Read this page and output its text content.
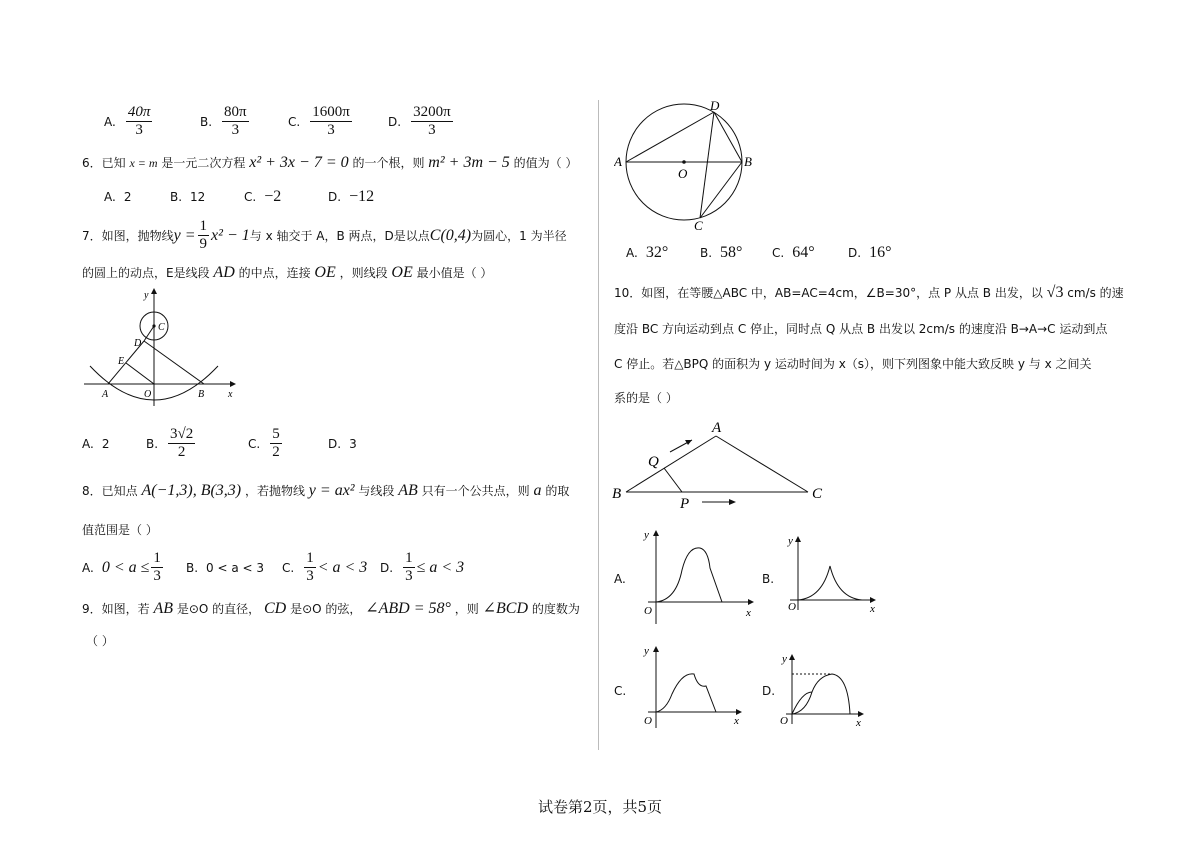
A. $\frac{40\pi}{3}$	B. $\frac{80\pi}{3}$	C. $\frac{1600\pi}{3}$	D. $\frac{3200\pi}{3}$
6．已知 x = m 是一元二次方程 x² + 3x − 7 = 0 的一个根，则 m² + 3m − 5 的值为（ ）
A. 2	B. 12	C. −2	D. −12
7．如图，抛物线 $y = \frac{1}{9} x^2 - 1$ 与 x 轴交于 A，B 两点，D是以点 C(0,4) 为圆心，1 为半径
的圆上的动点，E是线段 AD 的中点，连接 OE ，则线段 OE 最小值是（ ）
y
C
D
E
A	O	B x
A. 2	B. $\frac{3√2}{2}$	C. $\frac{5}{2}$	D. 3
8．已知点 A(−1,3), B(3,3) ，若抛物线 y = ax² 与线段 AB 只有一个公共点，则 a 的取
值范围是（ ）
A. $0 < a \le \frac{1}{3} B$. 0 < a < 3 C. $\frac{1}{3} < a < 3$ D. $\frac{1}{3} \le a < 3$
9．如图，若 AB 是⊙O 的直径， CD 是⊙O 的弦， ∠ABD = 58° ，则 ∠BCD 的度数为
（ ）
A	B
D
O
C
A. 32°	B. 58° C. 64°	D. 16°
10．如图，在等腰△ABC 中，AB=AC=4cm，∠B=30°，点 P 从点 B 出发，以 √3 cm/s 的速
度沿 BC 方向运动到点 C 停止，同时点 Q 从点 B 出发以 2cm/s 的速度沿 B→A→C 运动到点
C 停止。若△BPQ 的面积为 y 运动时间为 x（s），则下列图象中能大致反映 y 与 x 之间关
系的是（ ）
A
Q
B
P
C
A.
y
O	x
B.
y
O	x
C.
y
O	x
D.
y
O	x
试卷第2页，共5页
